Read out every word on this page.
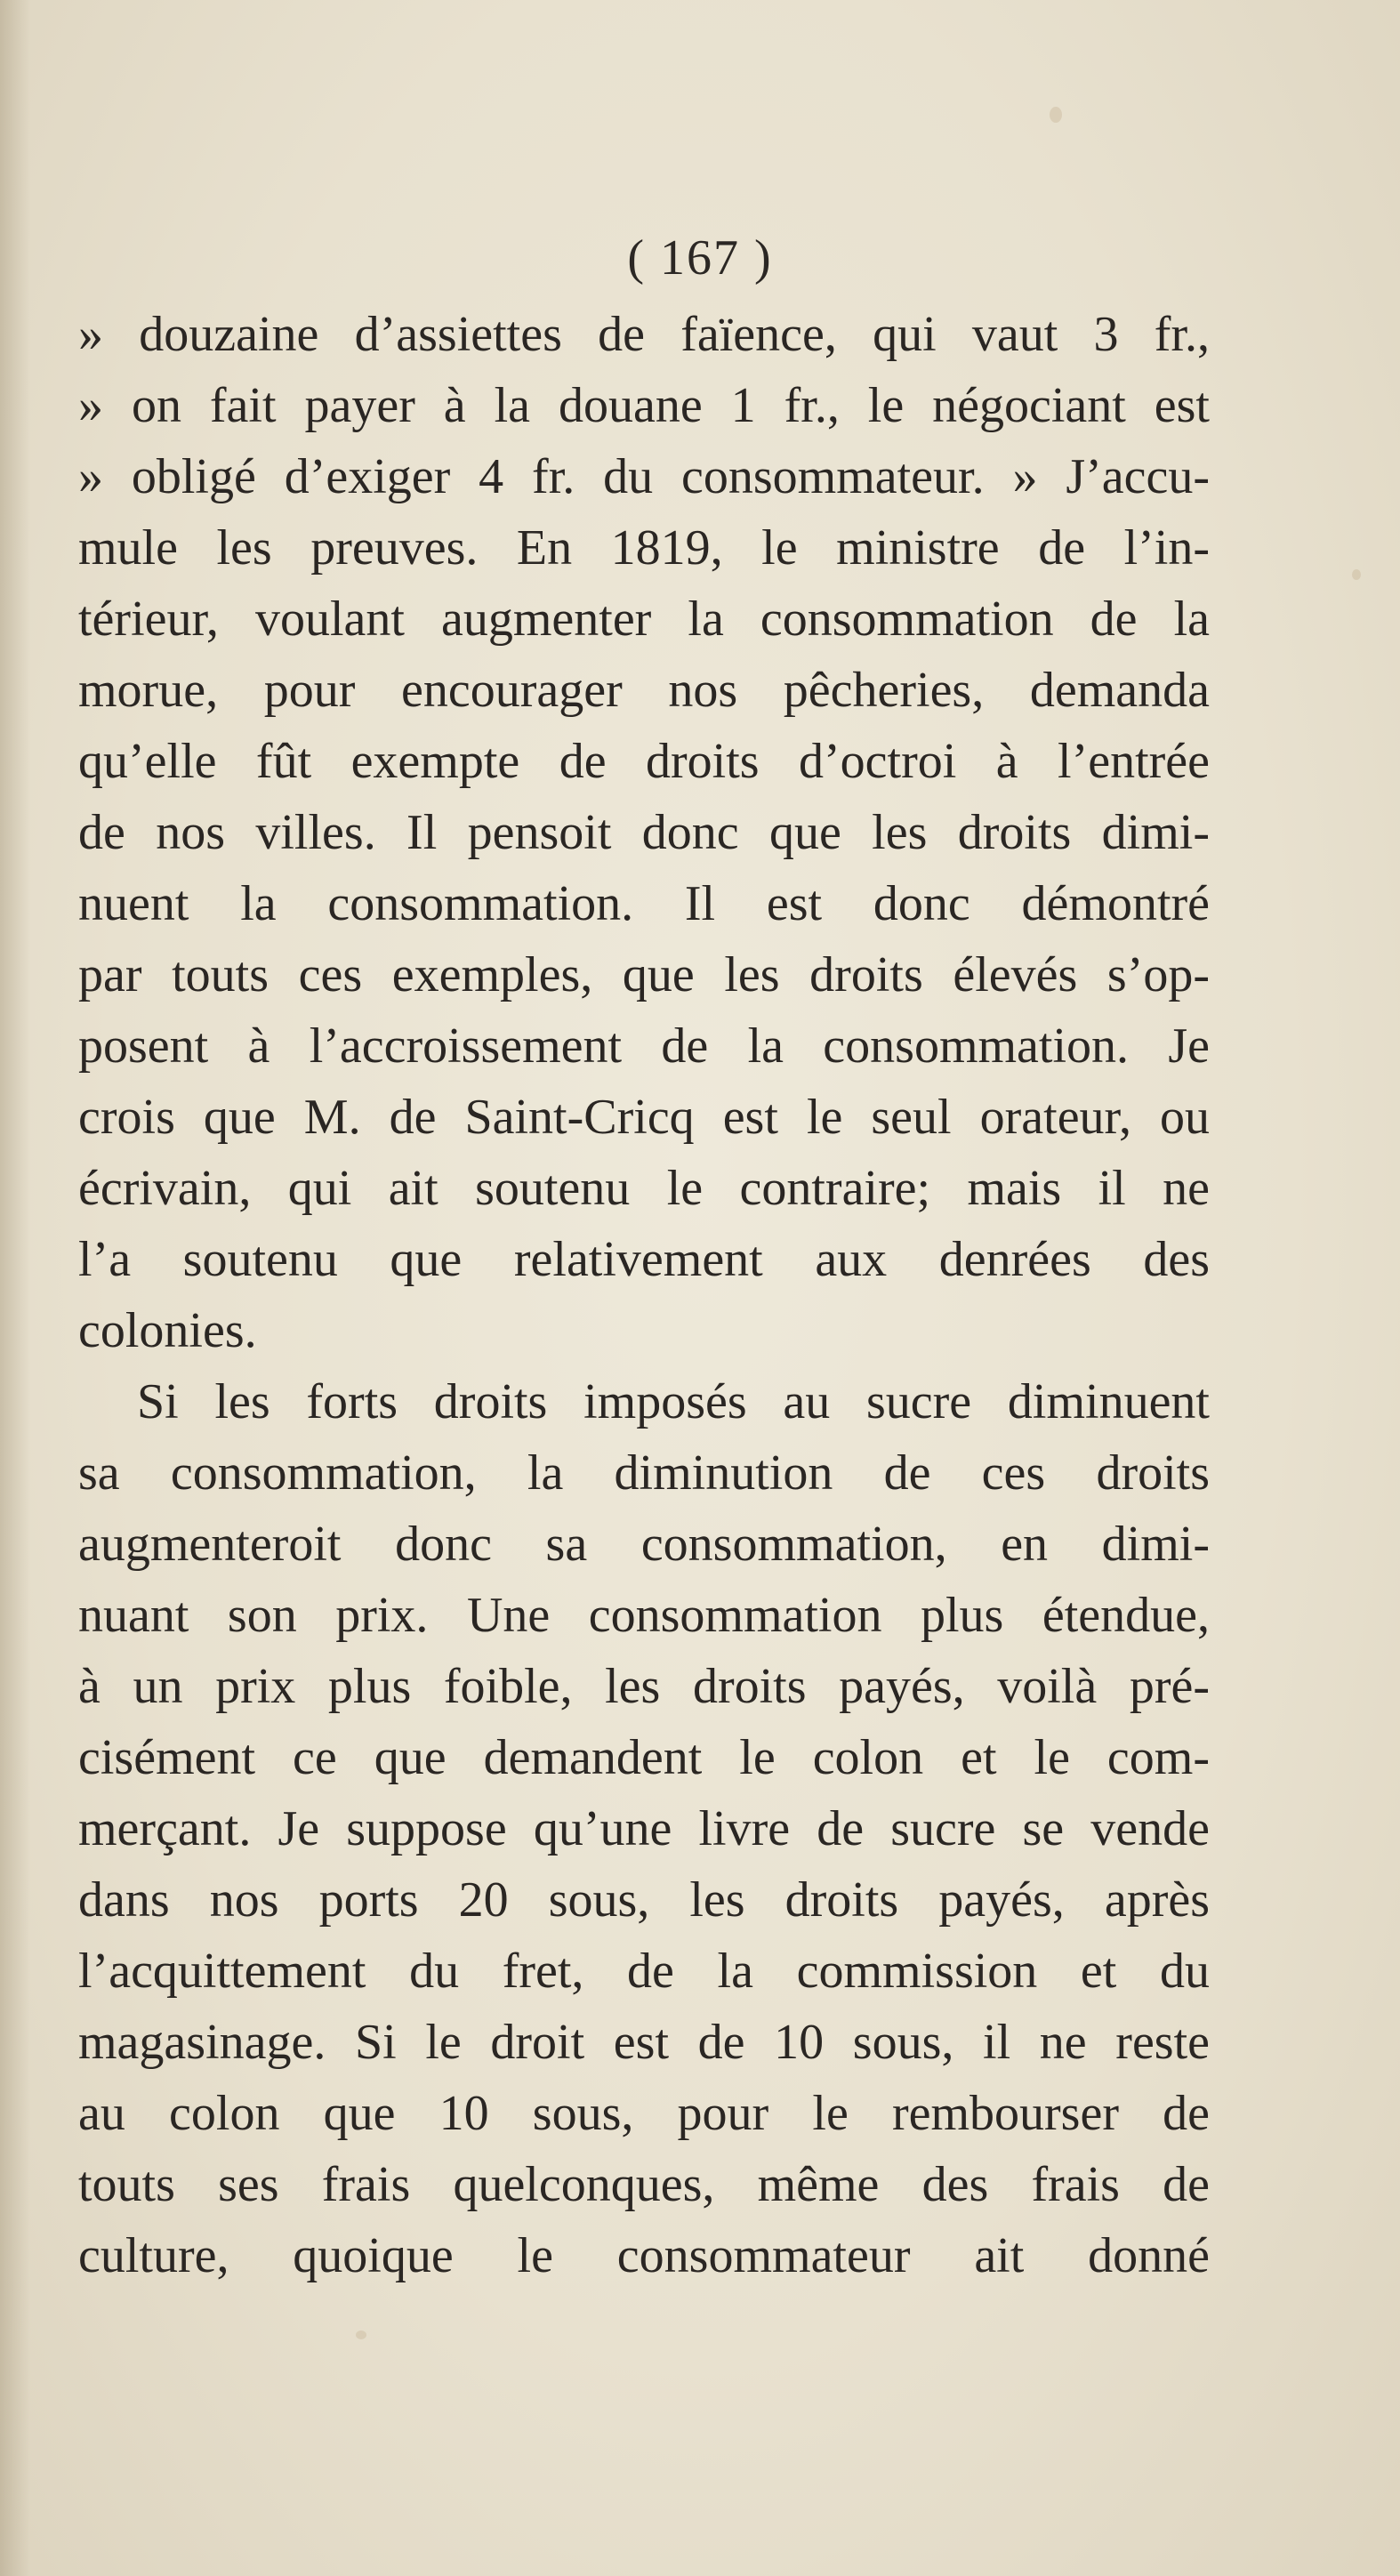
( 167 )
» douzaine d’assiettes de faïence, qui vaut 3 fr.,
» on fait payer à la douane 1 fr., le négociant est
» obligé d’exiger 4 fr. du consommateur. » J’accu-
mule les preuves. En 1819, le ministre de l’in-
térieur, voulant augmenter la consommation de la
morue, pour encourager nos pêcheries, demanda
qu’elle fût exempte de droits d’octroi à l’entrée
de nos villes. Il pensoit donc que les droits dimi-
nuent la consommation. Il est donc démontré
par touts ces exemples, que les droits élevés s’op-
posent à l’accroissement de la consommation. Je
crois que M. de Saint-Cricq est le seul orateur, ou
écrivain, qui ait soutenu le contraire; mais il ne
l’a soutenu que relativement aux denrées des
colonies.
Si les forts droits imposés au sucre diminuent
sa consommation, la diminution de ces droits
augmenteroit donc sa consommation, en dimi-
nuant son prix. Une consommation plus étendue,
à un prix plus foible, les droits payés, voilà pré-
cisément ce que demandent le colon et le com-
merçant. Je suppose qu’une livre de sucre se vende
dans nos ports 20 sous, les droits payés, après
l’acquittement du fret, de la commission et du
magasinage. Si le droit est de 10 sous, il ne reste
au colon que 10 sous, pour le rembourser de
touts ses frais quelconques, même des frais de
culture, quoique le consommateur ait donné
